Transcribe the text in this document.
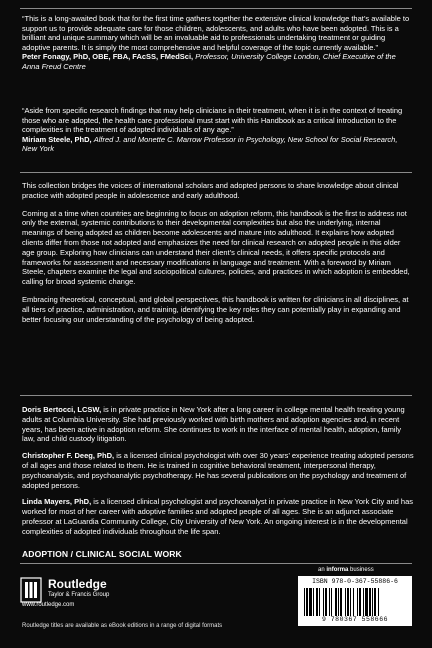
“This is a long-awaited book that for the first time gathers together the extensive clinical knowledge that’s available to support us to provide adequate care for those children, adolescents, and adults who have been adopted. This is a brilliant and unique summary which will be an invaluable aid to professionals undertaking treatment or guiding adoptive parents. It is simply the most comprehensive and helpful coverage of the topic currently available.”

Peter Fonagy, PhD, OBE, FBA, FAcSS, FMedSci, Professor, University College London, Chief Executive of the Anna Freud Centre

“Aside from specific research findings that may help clinicians in their treatment, when it is in the context of treating those who are adopted, the health care professional must start with this Handbook as a critical introduction to the complexities in the treatment of adopted individuals of any age.”

Miriam Steele, PhD, Alfred J. and Monette C. Marrow Professor in Psychology, New School for Social Research, New York

This collection bridges the voices of international scholars and adopted persons to share knowledge about clinical practice with adopted people in adolescence and early adulthood.

Coming at a time when countries are beginning to focus on adoption reform, this handbook is the first to address not only the external, systemic contributions to their developmental complexities but also the underlying, internal meanings of being adopted as children become adolescents and mature into adulthood. It explains how adopted clients differ from those not adopted and emphasizes the need for clinical research on adopted people in this older age group. Exploring how clinicians can understand their client’s clinical needs, it offers specific protocols and frameworks for assessment and necessary modifications in language and treatment. With a foreword by Miriam Steele, chapters examine the legal and sociopolitical cultures, policies, and practices in which adoption is embedded, calling for broad systemic change.

Embracing theoretical, conceptual, and global perspectives, this handbook is written for clinicians in all disciplines, at all tiers of practice, administration, and training, identifying the key roles they can potentially play in expanding and better focusing our understanding of the psychology of being adopted.

Doris Bertocci, LCSW, is in private practice in New York after a long career in college mental health treating young adults at Columbia University. She had previously worked with birth mothers and adoption agencies and, in recent years, has been active in adoption reform. She continues to work in the interface of mental health, adoption, family law, and child custody litigation.

Christopher F. Deeg, PhD, is a licensed clinical psychologist with over 30 years’ experience treating adopted persons of all ages and those related to them. He is trained in cognitive behavioral treatment, interpersonal therapy, psychoanalysis, and psychoanalytic psychotherapy. He has several publications on the psychology and treatment of adopted persons.

Linda Mayers, PhD, is a licensed clinical psychologist and psychoanalyst in private practice in New York City and has worked for most of her career with adoptive families and adopted people of all ages. She is an adjunct associate professor at LaGuardia Community College, City University of New York. An ongoing interest is in the developmental complexities of adopted individuals throughout the life span.

ADOPTION / CLINICAL SOCIAL WORK
an informa business
Routledge
Taylor & Francis Group
www.routledge.com
Routledge titles are available as eBook editions in a range of digital formats
ISBN 978-0-367-55886-6
9 780367 558666
